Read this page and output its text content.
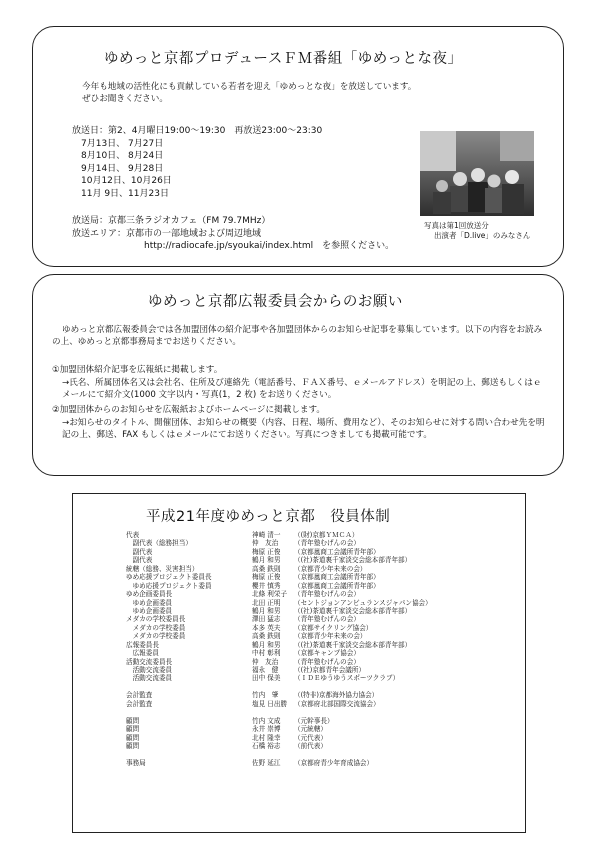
ゆめっと京都プロデュースＦＭ番組「ゆめっとな夜」
今年も地域の活性化にも貢献している若者を迎え「ゆめっとな夜」を放送しています。
ぜひお聞きください。
放送日：第2、4月曜日19:00〜19:30　再放送23:00〜23:30
　7月13日、 7月27日
　8月10日、 8月24日
　9月14日、 9月28日
　10月12日、10月26日
　11月 9日、11月23日
放送局：京都三条ラジオカフェ（FM 79.7MHz）
放送エリア：京都市の一部地域および周辺地域
http://radiocafe.jp/syoukai/index.html　を参照ください。
写真は第1回放送分
出演者「D.live」のみなさん
ゆめっと京都広報委員会からのお願い
ゆめっと京都広報委員会では各加盟団体の紹介記事や各加盟団体からのお知らせ記事を募集しています。以下の内容をお読みの上、ゆめっと京都事務局までお送りください。
①加盟団体紹介記事を広報紙に掲載します。
→氏名、所属団体名又は会社名、住所及び連絡先（電話番号、ＦＡＸ番号、ｅメールアドレス）を明記の上、郵送もしくはｅメールにて紹介文(1000 文字以内・写真(1，2 枚) をお送りください。
②加盟団体からのお知らせを広報紙およびホームページに掲載します。
→お知らせのタイトル、開催団体、お知らせの概要（内容、日程、場所、費用など）、そのお知らせに対する問い合わせ先を明記の上、郵送、FAX もしくはｅメールにてお送りください。写真につきましても掲載可能です。
平成21年度ゆめっと京都　役員体制
代表	神崎 清一 （(財)京都ＹＭＣＡ）
　副代表（総務担当）	仲　友治 （青年塾むげんの会）
　副代表	梅原 正俊 （京都嵐商工会議所青年部）
　副代表	鶴月 和男 （(社)茶道裏千家淡交会総本部青年部）
統轄（総務、災害担当）	高桑 鉄則 （京都青少年未来の会）
ゆめ応援プロジェクト委員長	梅原 正俊 （京都嵐商工会議所青年部）
　ゆめ応援プロジェクト委員	櫻井 慎秀 （京都嵐商工会議所青年部）
ゆめ企画委員長	北條 利栄子 （青年塾むげんの会）
　ゆめ企画委員	北田 正明 （セントジョンアンビュランスジャパン協会）
　ゆめ企画委員	鶴月 和男 （(社)茶道裏千家淡交会総本部青年部）
メダカの学校委員長	澤田 猛志 （青年塾むげんの会）
　メダカの学校委員	本多 英夫 （京都サイクリング協会）
　メダカの学校委員	高桑 鉄則 （京都青少年未来の会）
広報委員長	鶴月 和男 （(社)茶道裏千家淡交会総本部青年部）
　広報委員	中村 彰利 （京都キャンプ協会）
活動交流委員長	仲　友治 （青年塾むげんの会）
　活動交流委員	福永　健 （(社)京都青年会議所）
　活動交流委員	田中 保美 （ＩＤＥゆうゆうスポーツクラブ）
会計監査	竹内　肇 （(特非)京都海外協力協会）
会計監査	塩見 日出勝 （京都府北部国際交流協会）
顧問	竹内 文成 （元幹事長）
顧問	永井 崇博 （元統轄）
顧問	北村 隆幸 （元代表）
顧問	石橋 裕志 （前代表）
事務局	佐野 延江 （京都府青少年育成協会）
